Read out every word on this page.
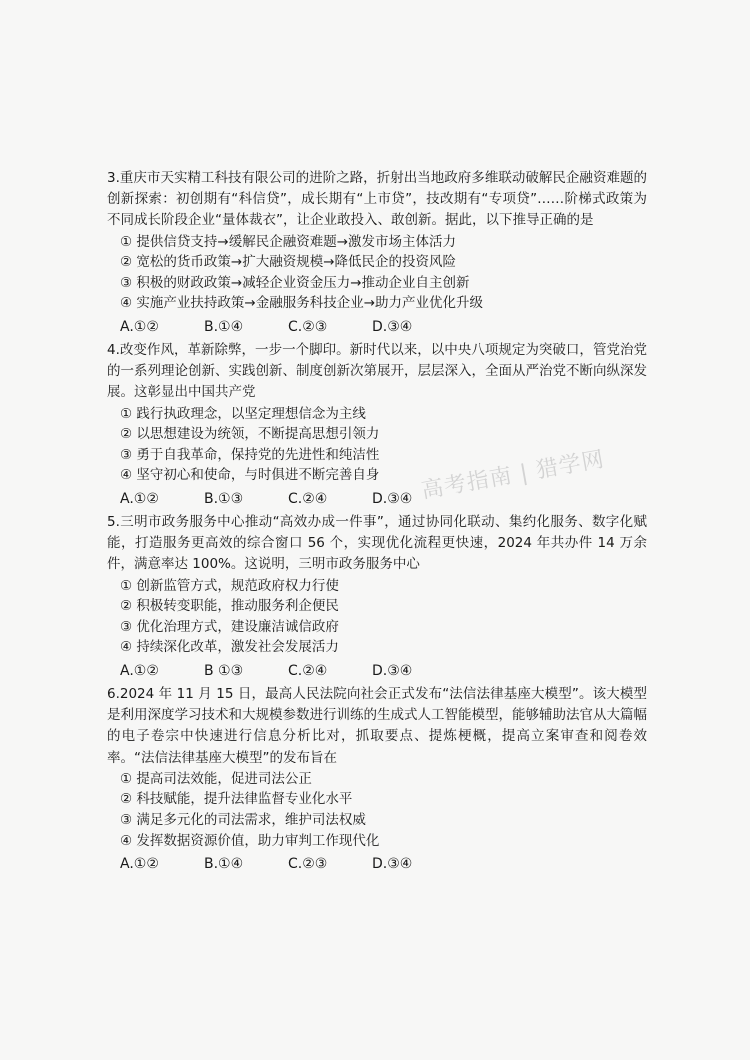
3.重庆市天实精工科技有限公司的进阶之路，折射出当地政府多维联动破解民企融资难题的创新探索：初创期有“科信贷”，成长期有“上市贷”，技改期有“专项贷”……阶梯式政策为不同成长阶段企业“量体裁衣”，让企业敢投入、敢创新。据此，以下推导正确的是

① 提供信贷支持→缓解民企融资难题→激发市场主体活力

② 宽松的货币政策→扩大融资规模→降低民企的投资风险

③ 积极的财政政策→减轻企业资金压力→推动企业自主创新

④ 实施产业扶持政策→金融服务科技企业→助力产业优化升级

A.①②	B.①④	C.②③	D.③④

4.改变作风，革新除弊，一步一个脚印。新时代以来，以中央八项规定为突破口，管党治党的一系列理论创新、实践创新、制度创新次第展开，层层深入，全面从严治党不断向纵深发展。这彰显出中国共产党

① 践行执政理念，以坚定理想信念为主线

② 以思想建设为统领，不断提高思想引领力

③ 勇于自我革命，保持党的先进性和纯洁性

④ 坚守初心和使命，与时俱进不断完善自身

A.①②	B.①③	C.②④	D.③④

5.三明市政务服务中心推动“高效办成一件事”，通过协同化联动、集约化服务、数字化赋能，打造服务更高效的综合窗口 56 个，实现优化流程更快速，2024 年共办件 14 万余件，满意率达 100%。这说明，三明市政务服务中心

① 创新监管方式，规范政府权力行使

② 积极转变职能，推动服务利企便民

③ 优化治理方式，建设廉洁诚信政府

④ 持续深化改革，激发社会发展活力

A.①②	B ①③	C.②④	D.③④

6.2024 年 11 月 15 日，最高人民法院向社会正式发布“法信法律基座大模型”。该大模型是利用深度学习技术和大规模参数进行训练的生成式人工智能模型，能够辅助法官从大篇幅的电子卷宗中快速进行信息分析比对，抓取要点、提炼梗概，提高立案审查和阅卷效率。“法信法律基座大模型”的发布旨在

① 提高司法效能，促进司法公正

② 科技赋能，提升法律监督专业化水平

③ 满足多元化的司法需求，维护司法权威

④ 发挥数据资源价值，助力审判工作现代化

A.①②	B.①④	C.②③	D.③④
高考指南 | 猎学网
